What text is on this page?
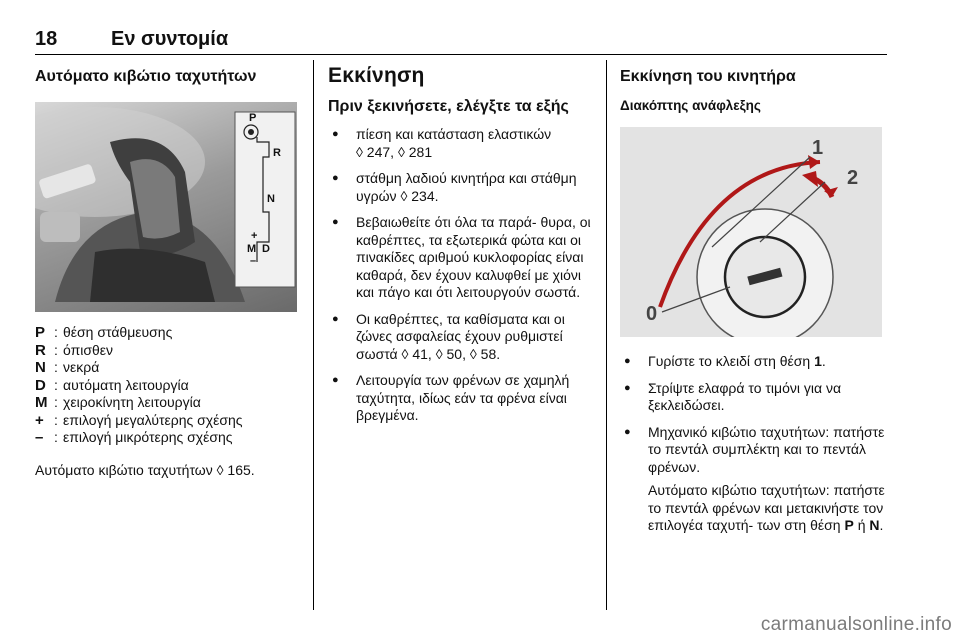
18	Εν συντομία
Αυτόματο κιβώτιο ταχυτήτων
P
R
N
+
M D
–
P : θέση στάθμευσης
R : όπισθεν
N : νεκρά
D : αυτόματη λειτουργία
M : χειροκίνητη λειτουργία
+ : επιλογή μεγαλύτερης σχέσης
– : επιλογή μικρότερης σχέσης
Αυτόματο κιβώτιο ταχυτήτων ◊ 165.
Εκκίνηση
Πριν ξεκινήσετε, ελέγξτε τα εξής
● πίεση και κατάσταση ελαστικών
◊ 247, ◊ 281
● στάθμη λαδιού κινητήρα και στάθμη υγρών ◊ 234.
● Βεβαιωθείτε ότι όλα τα παρά- θυρα, οι καθρέπτες, τα εξωτερικά φώτα και οι πινακίδες αριθμού κυκλοφορίας είναι καθαρά, δεν έχουν καλυφθεί με χιόνι και πάγο και ότι λειτουργούν σωστά.
● Οι καθρέπτες, τα καθίσματα και οι ζώνες ασφαλείας έχουν ρυθμιστεί σωστά ◊ 41, ◊ 50, ◊ 58.
● Λειτουργία των φρένων σε χαμηλή ταχύτητα, ιδίως εάν τα φρένα είναι βρεγμένα.
Εκκίνηση του κινητήρα
Διακόπτης ανάφλεξης
0
1
2
● Γυρίστε το κλειδί στη θέση 1.
● Στρίψτε ελαφρά το τιμόνι για να ξεκλειδώσει.
● Μηχανικό κιβώτιο ταχυτήτων: πατήστε το πεντάλ συμπλέκτη και το πεντάλ φρένων.
Αυτόματο κιβώτιο ταχυτήτων: πατήστε το πεντάλ φρένων και μετακινήστε τον επιλογέα ταχυτή- των στη θέση P ή N.
carmanualsonline.info
